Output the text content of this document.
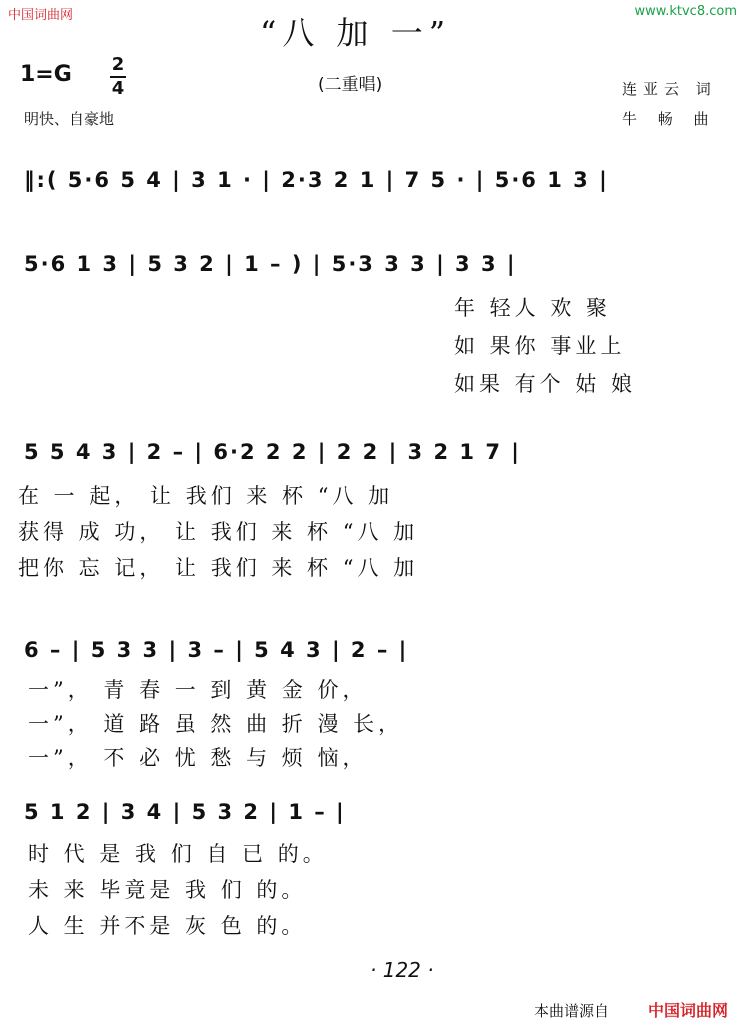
中国词曲网	www.ktvc8.com
“八 加 一”
1=G 2
4	(二重唱)	连亚云 词
牛 畅 曲
明快、自豪地
‖:( 5·6 5 4 | 3 1 · | 2·3 2 1 | 7 5 · | 5·6 1 3 |
5·6 1 3 | 5 3 2 | 1 – ) | 5·3 3 3 | 3 3 |
年 轻人 欢 聚
如 果你 事业上
如果 有个 姑 娘
5 5 4 3 | 2 – | 6·2 2 2 | 2 2 | 3 2 1 7 |
在 一 起， 让 我们 来 杯 “八 加
获得 成 功， 让 我们 来 杯 “八 加
把你 忘 记， 让 我们 来 杯 “八 加
6 – | 5 3 3 | 3 – | 5 4 3 | 2 – |
一”， 青 春 一 到 黄 金 价，
一”， 道 路 虽 然 曲 折 漫 长，
一”， 不 必 忧 愁 与 烦 恼，
5 1 2 | 3 4 | 5 3 2 | 1 – |
时 代 是 我 们 自 已 的。
未 来 毕竟是 我 们 的。
人 生 并不是 灰 色 的。
· 122 ·
本曲谱源自 中国词曲网
